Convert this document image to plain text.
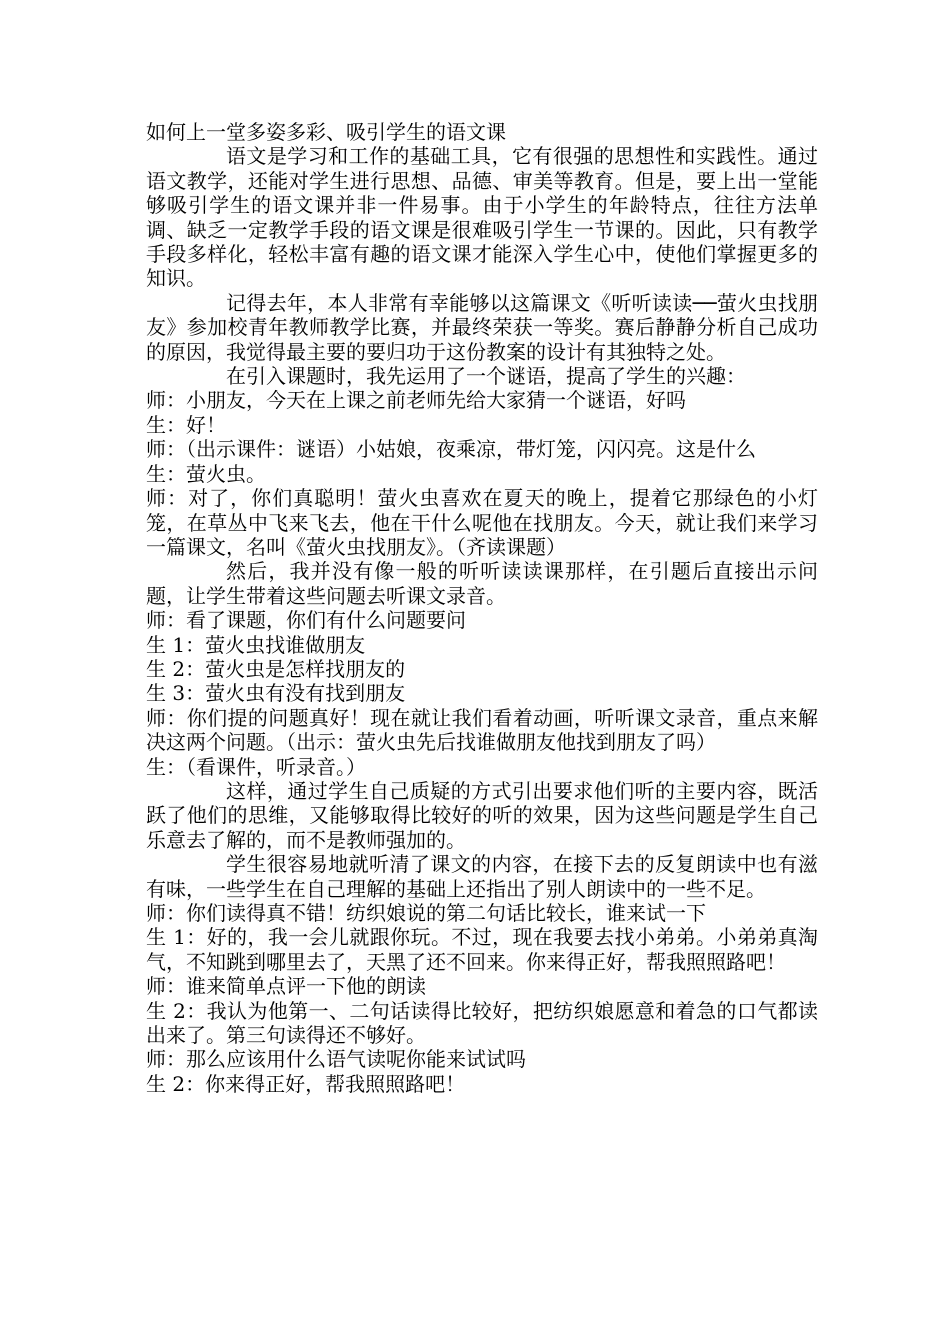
如何上一堂多姿多彩、吸引学生的语文课

语文是学习和工作的基础工具，它有很强的思想性和实践性。通过语文教学，还能对学生进行思想、品德、审美等教育。但是，要上出一堂能够吸引学生的语文课并非一件易事。由于小学生的年龄特点，往往方法单调、缺乏一定教学手段的语文课是很难吸引学生一节课的。因此，只有教学手段多样化，轻松丰富有趣的语文课才能深入学生心中，使他们掌握更多的知识。

记得去年，本人非常有幸能够以这篇课文《听听读读──萤火虫找朋友》参加校青年教师教学比赛，并最终荣获一等奖。赛后静静分析自己成功的原因，我觉得最主要的要归功于这份教案的设计有其独特之处。

在引入课题时，我先运用了一个谜语，提高了学生的兴趣：

师：小朋友，今天在上课之前老师先给大家猜一个谜语，好吗

生：好！

师：（出示课件：谜语）小姑娘，夜乘凉，带灯笼，闪闪亮。这是什么

生：萤火虫。

师：对了，你们真聪明！萤火虫喜欢在夏天的晚上，提着它那绿色的小灯笼，在草丛中飞来飞去，他在干什么呢他在找朋友。今天，就让我们来学习一篇课文，名叫《萤火虫找朋友》。（齐读课题）

然后，我并没有像一般的听听读读课那样，在引题后直接出示问题，让学生带着这些问题去听课文录音。

师：看了课题，你们有什么问题要问

生 1：萤火虫找谁做朋友

生 2：萤火虫是怎样找朋友的

生 3：萤火虫有没有找到朋友

师：你们提的问题真好！现在就让我们看着动画，听听课文录音，重点来解决这两个问题。（出示：萤火虫先后找谁做朋友他找到朋友了吗）

生：（看课件，听录音。）

这样，通过学生自己质疑的方式引出要求他们听的主要内容，既活跃了他们的思维，又能够取得比较好的听的效果，因为这些问题是学生自己乐意去了解的，而不是教师强加的。

学生很容易地就听清了课文的内容，在接下去的反复朗读中也有滋有味，一些学生在自己理解的基础上还指出了别人朗读中的一些不足。

师：你们读得真不错！纺织娘说的第二句话比较长，谁来试一下

生 1：好的，我一会儿就跟你玩。不过，现在我要去找小弟弟。小弟弟真淘气，不知跳到哪里去了，天黑了还不回来。你来得正好，帮我照照路吧！

师：谁来简单点评一下他的朗读

生 2：我认为他第一、二句话读得比较好，把纺织娘愿意和着急的口气都读出来了。第三句读得还不够好。

师：那么应该用什么语气读呢你能来试试吗

生 2：你来得正好，帮我照照路吧！
